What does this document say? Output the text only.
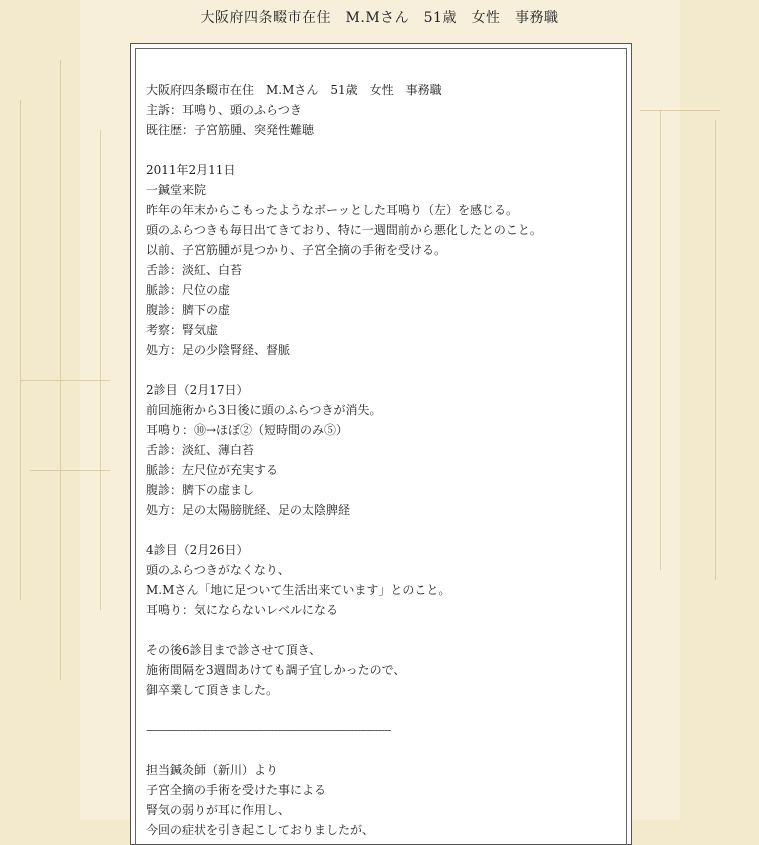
大阪府四条畷市在住　M.Mさん　51歳　女性　事務職

大阪府四条畷市在住　M.Mさん　51歳　女性　事務職

主訴：耳鳴り、頭のふらつき

既往歴：子宮筋腫、突発性難聴

2011年2月11日

一鍼堂来院

昨年の年末からこもったようなボーッとした耳鳴り（左）を感じる。

頭のふらつきも毎日出てきており、特に一週間前から悪化したとのこと。

以前、子宮筋腫が見つかり、子宮全摘の手術を受ける。

舌診：淡紅、白苔

脈診：尺位の虚

腹診：臍下の虚

考察：腎気虚

処方：足の少陰腎経、督脈

2診目（2月17日）

前回施術から3日後に頭のふらつきが消失。

耳鳴り：⑩→ほぼ②（短時間のみ⑤）

舌診：淡紅、薄白苔

脈診：左尺位が充実する

腹診：臍下の虚まし

処方：足の太陽膀胱経、足の太陰脾経

4診目（2月26日）

頭のふらつきがなくなり、

M.Mさん「地に足ついて生活出来ています」とのこと。

耳鳴り：気にならないレベルになる

その後6診目まで診させて頂き、

施術間隔を3週間あけても調子宜しかったので、

御卒業して頂きました。

--------------------------------------------------------------------------------

担当鍼灸師（新川）より

子宮全摘の手術を受けた事による

腎気の弱りが耳に作用し、

今回の症状を引き起こしておりましたが、
